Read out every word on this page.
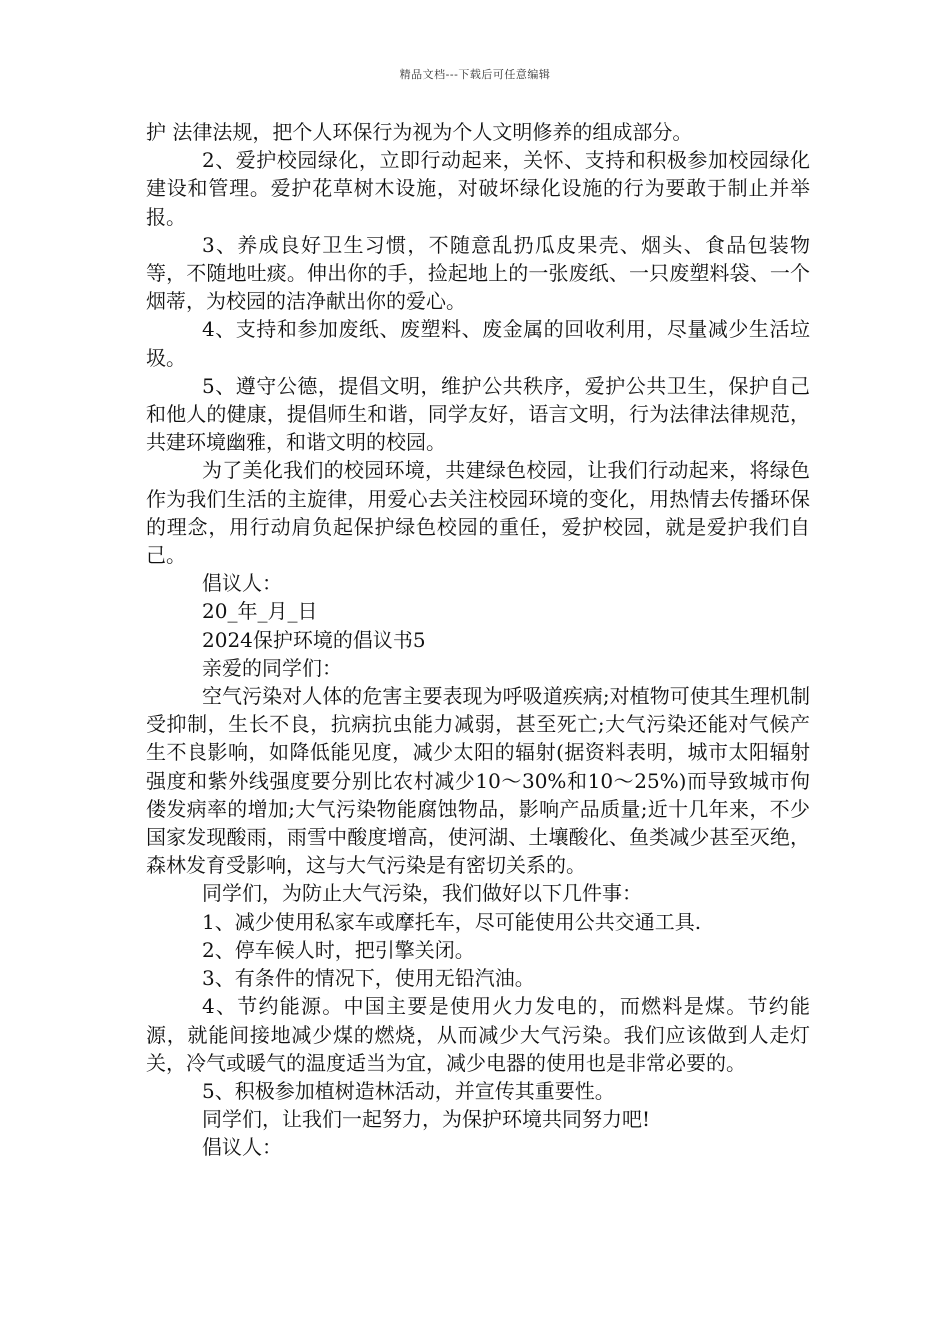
精品文档---下载后可任意编辑

护 法律法规，把个人环保行为视为个人文明修养的组成部分。

2、爱护校园绿化，立即行动起来，关怀、支持和积极参加校园绿化建设和管理。爱护花草树木设施，对破坏绿化设施的行为要敢于制止并举报。

3、养成良好卫生习惯，不随意乱扔瓜皮果壳、烟头、食品包装物等，不随地吐痰。伸出你的手，捡起地上的一张废纸、一只废塑料袋、一个烟蒂，为校园的洁净献出你的爱心。

4、支持和参加废纸、废塑料、废金属的回收利用，尽量减少生活垃圾。

5、遵守公德，提倡文明，维护公共秩序，爱护公共卫生，保护自己和他人的健康，提倡师生和谐，同学友好，语言文明，行为法律法律规范，共建环境幽雅，和谐文明的校园。

为了美化我们的校园环境，共建绿色校园，让我们行动起来，将绿色作为我们生活的主旋律，用爱心去关注校园环境的变化，用热情去传播环保的理念，用行动肩负起保护绿色校园的重任，爱护校园，就是爱护我们自己。

倡议人：

20_年_月_日

2024保护环境的倡议书5

亲爱的同学们：

空气污染对人体的危害主要表现为呼吸道疾病;对植物可使其生理机制受抑制，生长不良，抗病抗虫能力减弱，甚至死亡;大气污染还能对气候产生不良影响，如降低能见度，减少太阳的辐射(据资料表明，城市太阳辐射强度和紫外线强度要分别比农村减少10～30%和10～25%)而导致城市佝偻发病率的增加;大气污染物能腐蚀物品，影响产品质量;近十几年来，不少国家发现酸雨，雨雪中酸度增高，使河湖、土壤酸化、鱼类减少甚至灭绝，森林发育受影响，这与大气污染是有密切关系的。

同学们，为防止大气污染，我们做好以下几件事：

1、减少使用私家车或摩托车，尽可能使用公共交通工具.

2、停车候人时，把引擎关闭。

3、有条件的情况下，使用无铅汽油。

4、节约能源。中国主要是使用火力发电的，而燃料是煤。节约能源，就能间接地减少煤的燃烧，从而减少大气污染。我们应该做到人走灯关，冷气或暖气的温度适当为宜，减少电器的使用也是非常必要的。

5、积极参加植树造林活动，并宣传其重要性。

同学们，让我们一起努力，为保护环境共同努力吧!

倡议人：
